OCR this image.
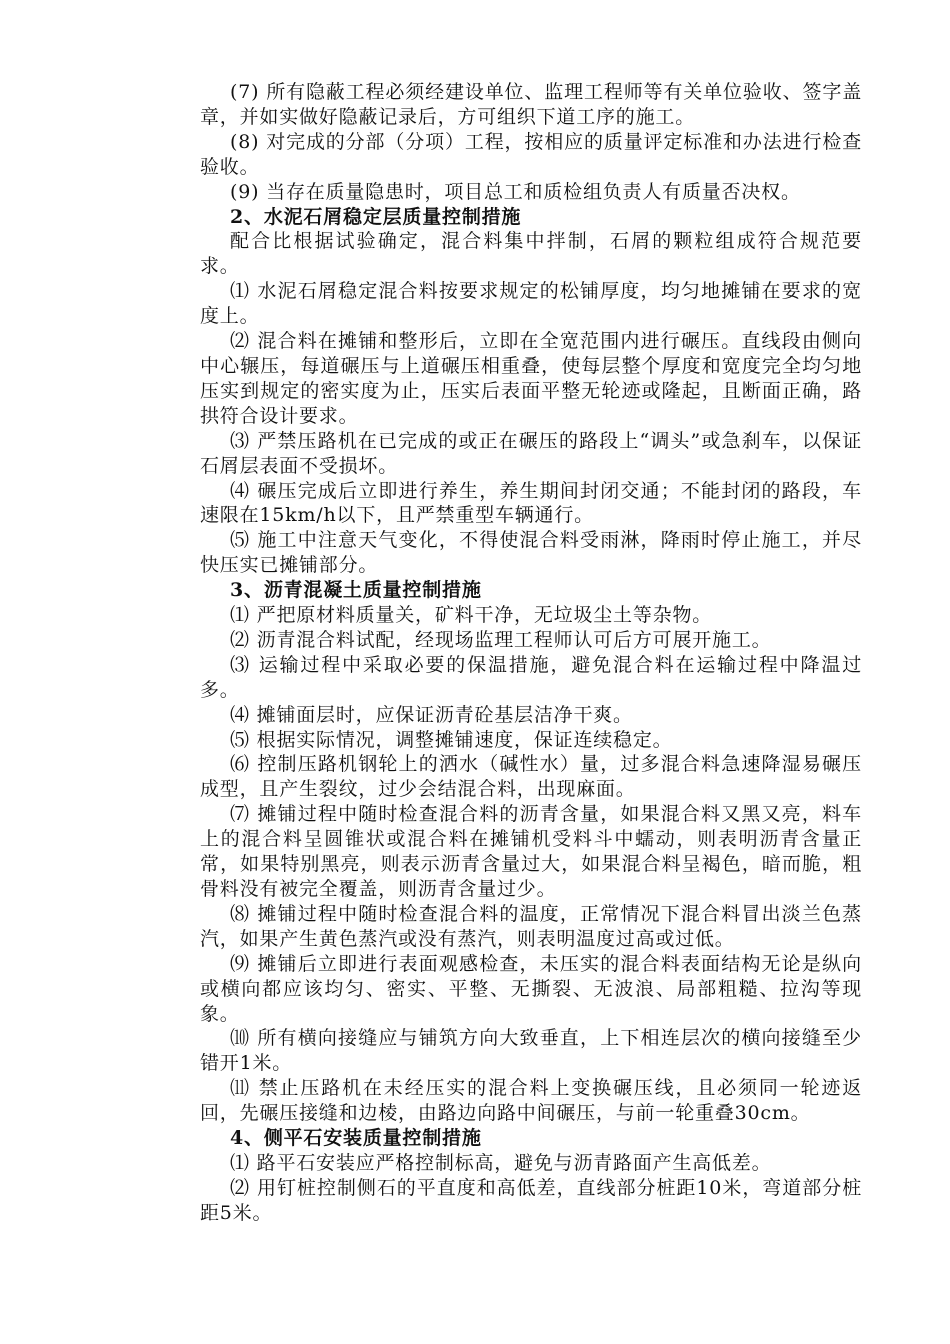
(7) 所有隐蔽工程必须经建设单位、监理工程师等有关单位验收、签字盖章，并如实做好隐蔽记录后，方可组织下道工序的施工。

(8) 对完成的分部（分项）工程，按相应的质量评定标准和办法进行检查验收。

(9) 当存在质量隐患时，项目总工和质检组负责人有质量否决权。

2、水泥石屑稳定层质量控制措施

配合比根据试验确定，混合料集中拌制，石屑的颗粒组成符合规范要求。

⑴ 水泥石屑稳定混合料按要求规定的松铺厚度，均匀地摊铺在要求的宽度上。

⑵ 混合料在摊铺和整形后，立即在全宽范围内进行碾压。直线段由侧向中心辗压，每道碾压与上道碾压相重叠，使每层整个厚度和宽度完全均匀地压实到规定的密实度为止，压实后表面平整无轮迹或隆起，且断面正确，路拱符合设计要求。

⑶ 严禁压路机在已完成的或正在碾压的路段上“调头”或急刹车，以保证石屑层表面不受损坏。

⑷ 碾压完成后立即进行养生，养生期间封闭交通；不能封闭的路段，车速限在15km/h以下，且严禁重型车辆通行。

⑸ 施工中注意天气变化，不得使混合料受雨淋，降雨时停止施工，并尽快压实已摊铺部分。

3、沥青混凝土质量控制措施

⑴ 严把原材料质量关，矿料干净，无垃圾尘土等杂物。

⑵ 沥青混合料试配，经现场监理工程师认可后方可展开施工。

⑶ 运输过程中采取必要的保温措施，避免混合料在运输过程中降温过多。

⑷ 摊铺面层时，应保证沥青砼基层洁净干爽。

⑸ 根据实际情况，调整摊铺速度，保证连续稳定。

⑹ 控制压路机钢轮上的洒水（碱性水）量，过多混合料急速降湿易碾压成型，且产生裂纹，过少会结混合料，出现麻面。

⑺ 摊铺过程中随时检查混合料的沥青含量，如果混合料又黑又亮，料车上的混合料呈圆锥状或混合料在摊铺机受料斗中蠕动，则表明沥青含量正常，如果特别黑亮，则表示沥青含量过大，如果混合料呈褐色，暗而脆，粗骨料没有被完全覆盖，则沥青含量过少。

⑻ 摊铺过程中随时检查混合料的温度，正常情况下混合料冒出淡兰色蒸汽，如果产生黄色蒸汽或没有蒸汽，则表明温度过高或过低。

⑼ 摊铺后立即进行表面观感检查，未压实的混合料表面结构无论是纵向或横向都应该均匀、密实、平整、无撕裂、无波浪、局部粗糙、拉沟等现象。

⑽ 所有横向接缝应与铺筑方向大致垂直，上下相连层次的横向接缝至少错开1米。

⑾ 禁止压路机在未经压实的混合料上变换碾压线，且必须同一轮迹返回，先碾压接缝和边棱，由路边向路中间碾压，与前一轮重叠30cm。

4、侧平石安装质量控制措施

⑴ 路平石安装应严格控制标高，避免与沥青路面产生高低差。

⑵ 用钉桩控制侧石的平直度和高低差，直线部分桩距10米，弯道部分桩距5米。
